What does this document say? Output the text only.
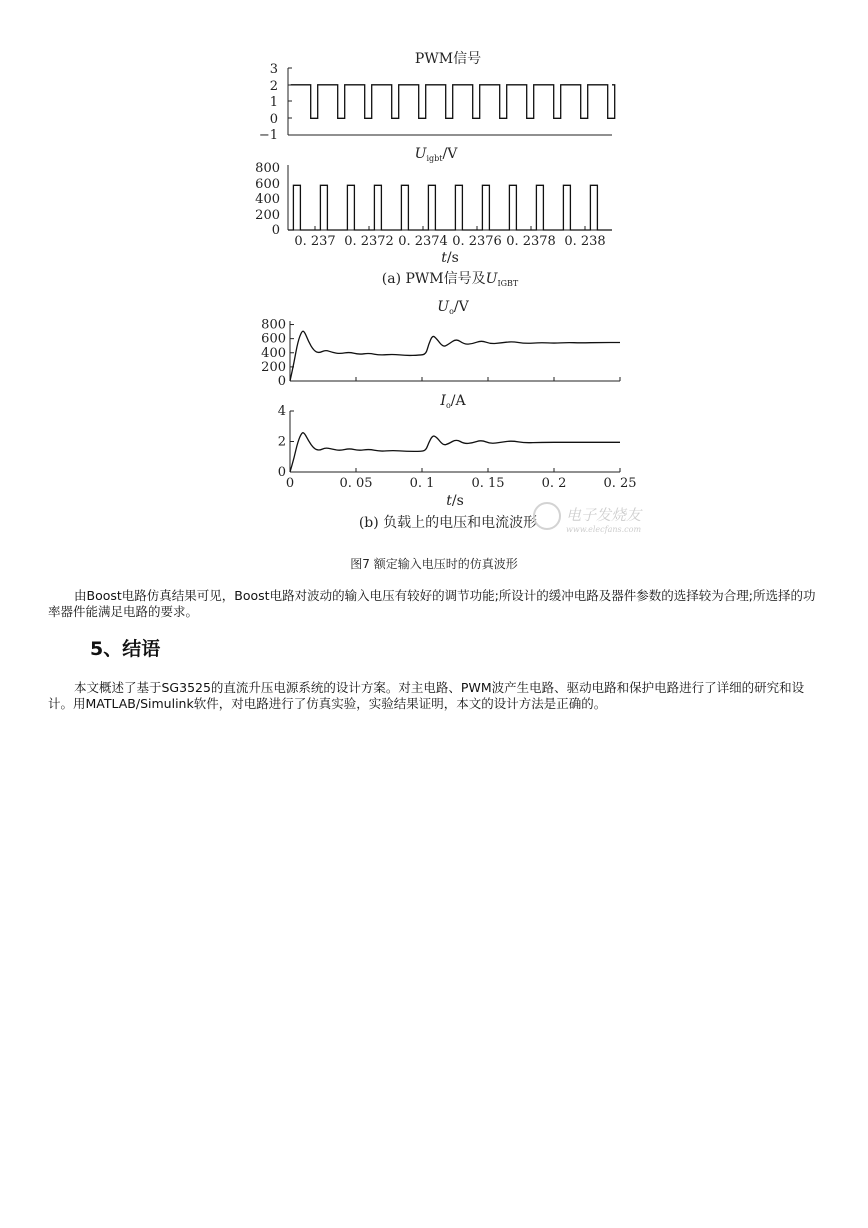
PWM信号
3
2
1
0
−1
$U_{igbt}/V$
800
600
400
200
0
0. 237 0. 2372 0. 2374 0. 2376 0. 2378 0. 238
t/s
(a) PWM信号及$U_{IGBT}$
$U_o/V$
800
600
400
200
0
$I_o/A$
4
2
0
0	0. 05	0. 1	0. 15	0. 2	0. 25
t/s
(b) 负载上的电压和电流波形 电子发烧友
www.elecfans.com
图7 额定输入电压时的仿真波形

由Boost电路仿真结果可见，Boost电路对波动的输入电压有较好的调节功能;所设计的缓冲电路及器件参数的选择较为合理;所选择的功率器件能满足电路的要求。

5、结语

本文概述了基于SG3525的直流升压电源系统的设计方案。对主电路、PWM波产生电路、驱动电路和保护电路进行了详细的研究和设计。用MATLAB/Simulink软件，对电路进行了仿真实验，实验结果证明，本文的设计方法是正确的。
